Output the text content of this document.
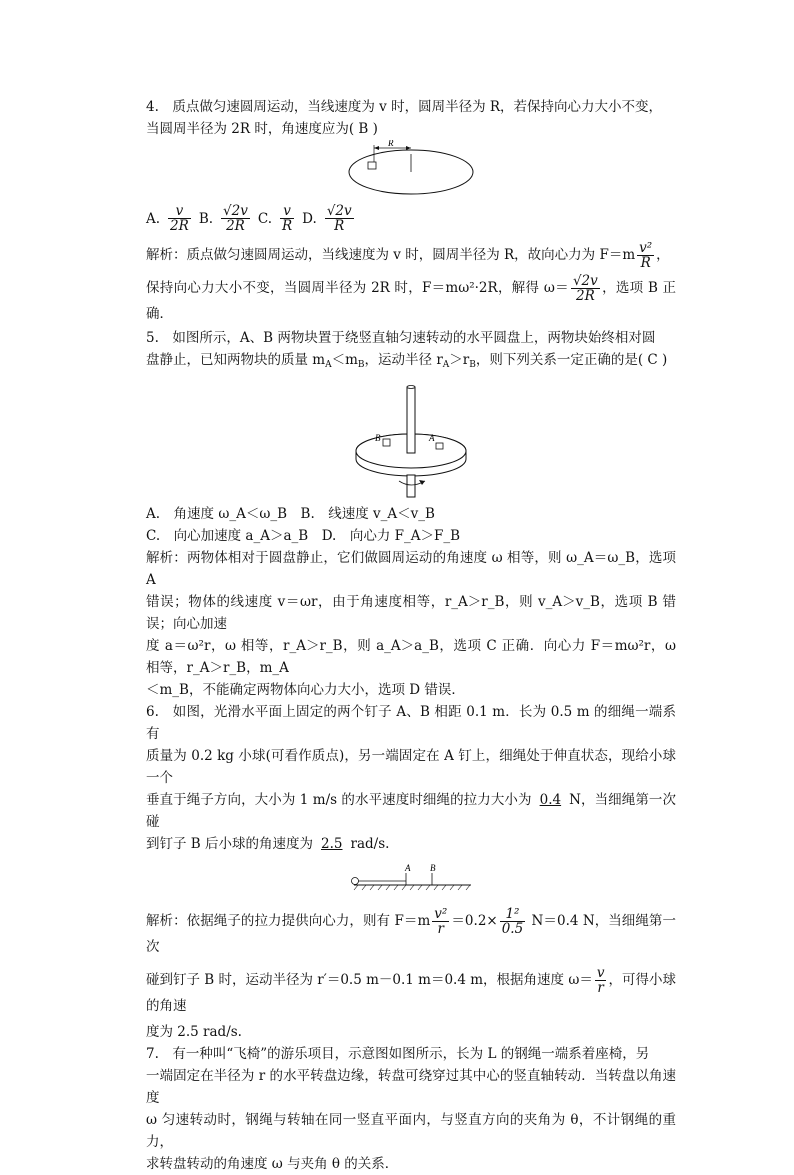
4.　质点做匀速圆周运动，当线速度为 v 时，圆周半径为 R，若保持向心力大小不变，

当圆周半径为 2R 时，角速度应为( B )

R
A. $\frac{v}{2R} B$. $\frac{√2v}{2R} C$. $\frac{v}{R} D$. $\frac{√2v}{R}$

解析：质点做匀速圆周运动，当线速度为 v 时，圆周半径为 R，故向心力为 $F=m \frac{\text{v²}}{R}$ ，

保持向心力大小不变，当圆周半径为 2R 时，F＝mω²·2R，解得 $\omega= \frac{√2v}{2R}$ ，选项 B 正确．

5.　如图所示，A、B 两物块置于绕竖直轴匀速转动的水平圆盘上，两物块始终相对圆

盘静止，已知两物块的质量 $m_A<m_B$，运动半径 $r_A>r_B$，则下列关系一定正确的是( C )

B	A

A.　角速度 ω_A＜ω_B　B.　线速度 v_A＜v_B

C.　向心加速度 a_A＞a_B　D.　向心力 F_A＞F_B

解析：两物体相对于圆盘静止，它们做圆周运动的角速度 ω 相等，则 ω_A＝ω_B，选项 A

错误；物体的线速度 v＝ωr，由于角速度相等，r_A＞r_B，则 v_A＞v_B，选项 B 错误；向心加速

度 a＝ω²r，ω 相等，r_A＞r_B，则 a_A＞a_B，选项 C 正确．向心力 F＝mω²r，ω 相等，r_A＞r_B，m_A

＜m_B，不能确定两物体向心力大小，选项 D 错误．

6.　如图，光滑水平面上固定的两个钉子 A、B 相距 0.1 m．长为 0.5 m 的细绳一端系有

质量为 0.2 kg 小球(可看作质点)，另一端固定在 A 钉上，细绳处于伸直状态，现给小球一个

垂直于绳子方向，大小为 1 m/s 的水平速度时细绳的拉力大小为 0.4 N，当细绳第一次碰

到钉子 B 后小球的角速度为 2.5 rad/s.

A B

解析：依据绳子的拉力提供向心力，则有 $F=m \frac{\text{v²}}{r} =0.2\times \frac{\text{1²}}{0.5} N=0.4$ N，当细绳第一次

碰到钉子 B 时，运动半径为 r′＝0.5 m－0.1 m＝0.4 m，根据角速度 $\omega= \frac{v}{r}$ ，可得小球的角速

度为 2.5 rad/s.

7.　有一种叫“飞椅”的游乐项目，示意图如图所示，长为 L 的钢绳一端系着座椅，另

一端固定在半径为 r 的水平转盘边缘，转盘可绕穿过其中心的竖直轴转动．当转盘以角速度

ω 匀速转动时，钢绳与转轴在同一竖直平面内，与竖直方向的夹角为 θ，不计钢绳的重力，

求转盘转动的角速度 ω 与夹角 θ 的关系．
